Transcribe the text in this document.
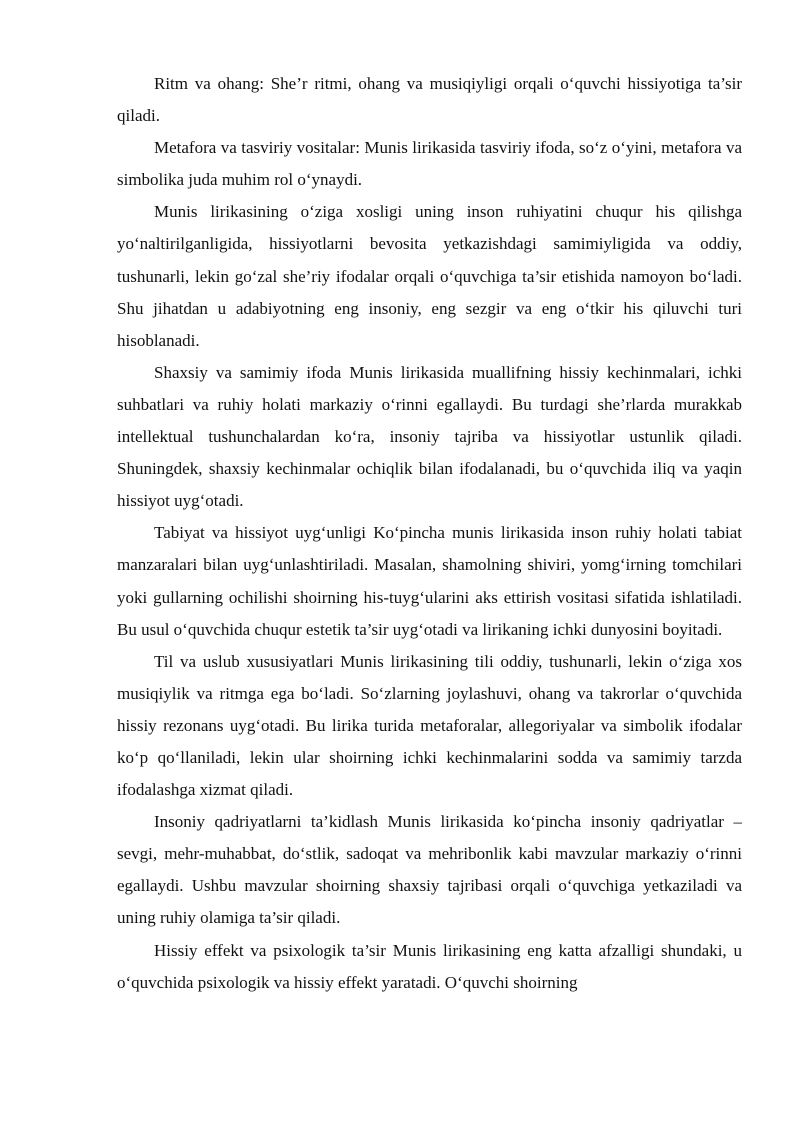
Ritm va ohang: She’r ritmi, ohang va musiqiyligi orqali o‘quvchi hissiyotiga ta’sir qiladi.

Metafora va tasviriy vositalar: Munis lirikasida tasviriy ifoda, so‘z o‘yini, metafora va simbolika juda muhim rol o‘ynaydi.

Munis lirikasining o‘ziga xosligi uning inson ruhiyatini chuqur his qilishga yo‘naltirilganligida, hissiyotlarni bevosita yetkazishdagi samimiyligida va oddiy, tushunarli, lekin go‘zal she’riy ifodalar orqali o‘quvchiga ta’sir etishida namoyon bo‘ladi. Shu jihatdan u adabiyotning eng insoniy, eng sezgir va eng o‘tkir his qiluvchi turi hisoblanadi.

Shaxsiy va samimiy ifoda Munis lirikasida muallifning hissiy kechinmalari, ichki suhbatlari va ruhiy holati markaziy o‘rinni egallaydi. Bu turdagi she’rlarda murakkab intellektual tushunchalardan ko‘ra, insoniy tajriba va hissiyotlar ustunlik qiladi. Shuningdek, shaxsiy kechinmalar ochiqlik bilan ifodalanadi, bu o‘quvchida iliq va yaqin hissiyot uyg‘otadi.

Tabiyat va hissiyot uyg‘unligi Ko‘pincha munis lirikasida inson ruhiy holati tabiat manzaralari bilan uyg‘unlashtiriladi. Masalan, shamolning shiviri, yomg‘irning tomchilari yoki gullarning ochilishi shoirning his-tuyg‘ularini aks ettirish vositasi sifatida ishlatiladi. Bu usul o‘quvchida chuqur estetik ta’sir uyg‘otadi va lirikaning ichki dunyosini boyitadi.

Til va uslub xususiyatlari Munis lirikasining tili oddiy, tushunarli, lekin o‘ziga xos musiqiylik va ritmga ega bo‘ladi. So‘zlarning joylashuvi, ohang va takrorlar o‘quvchida hissiy rezonans uyg‘otadi. Bu lirika turida metaforalar, allegoriyalar va simbolik ifodalar ko‘p qo‘llaniladi, lekin ular shoirning ichki kechinmalarini sodda va samimiy tarzda ifodalashga xizmat qiladi.

Insoniy qadriyatlarni ta’kidlash Munis lirikasida ko‘pincha insoniy qadriyatlar – sevgi, mehr-muhabbat, do‘stlik, sadoqat va mehribonlik kabi mavzular markaziy o‘rinni egallaydi. Ushbu mavzular shoirning shaxsiy tajribasi orqali o‘quvchiga yetkaziladi va uning ruhiy olamiga ta’sir qiladi.

Hissiy effekt va psixologik ta’sir Munis lirikasining eng katta afzalligi shundaki, u o‘quvchida psixologik va hissiy effekt yaratadi. O‘quvchi shoirning
